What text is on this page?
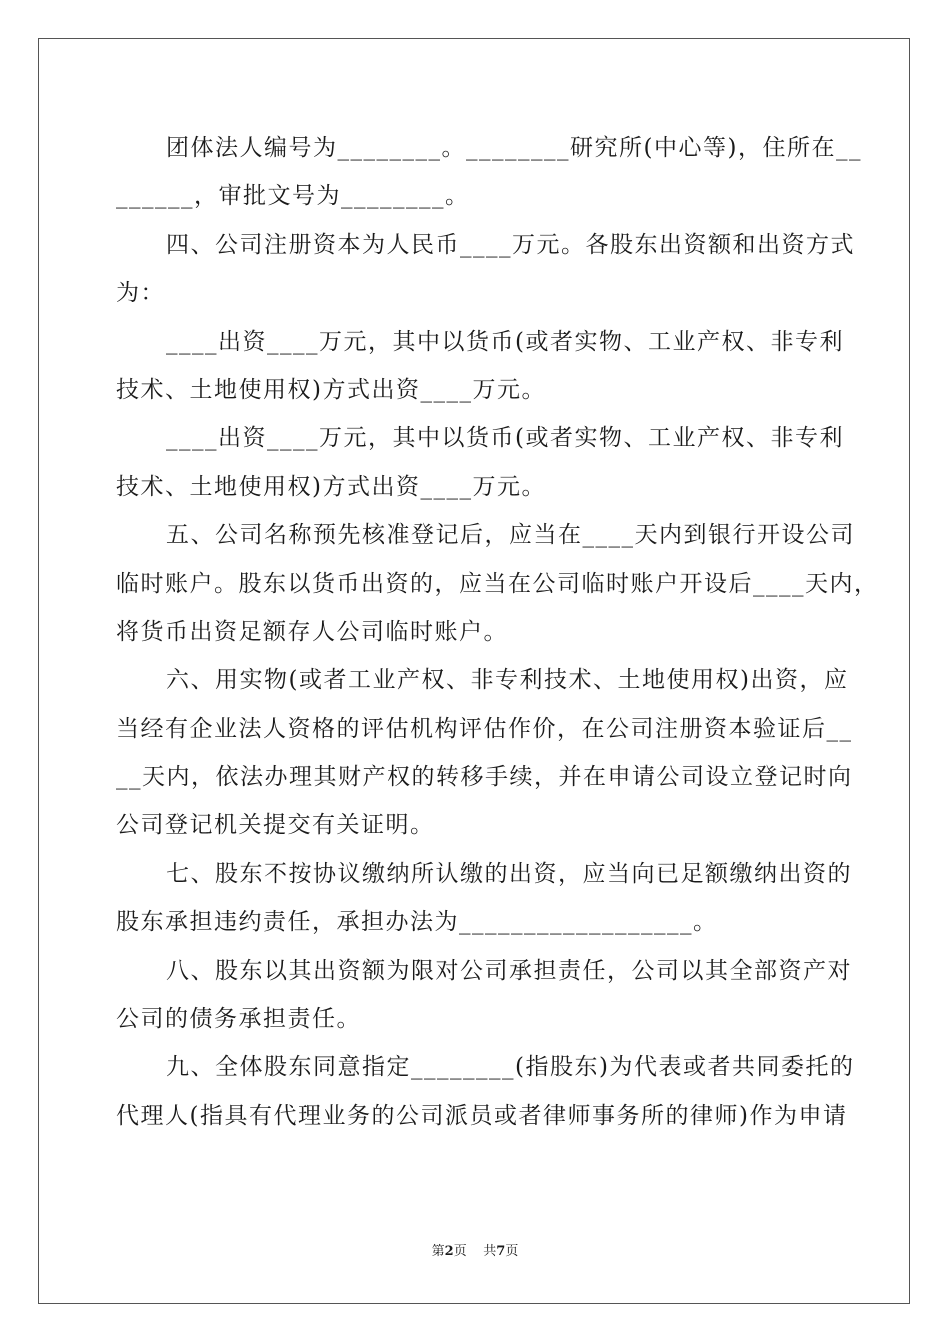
团体法人编号为________。________研究所(中心等)，住所在__
______，审批文号为________。
四、公司注册资本为人民币____万元。各股东出资额和出资方式
为：
____出资____万元，其中以货币(或者实物、工业产权、非专利
技术、土地使用权)方式出资____万元。
____出资____万元，其中以货币(或者实物、工业产权、非专利
技术、土地使用权)方式出资____万元。
五、公司名称预先核准登记后，应当在____天内到银行开设公司
临时账户。股东以货币出资的，应当在公司临时账户开设后____天内，
将货币出资足额存人公司临时账户。
六、用实物(或者工业产权、非专利技术、土地使用权)出资，应
当经有企业法人资格的评估机构评估作价，在公司注册资本验证后__
__天内，依法办理其财产权的转移手续，并在申请公司设立登记时向
公司登记机关提交有关证明。
七、股东不按协议缴纳所认缴的出资，应当向已足额缴纳出资的
股东承担违约责任，承担办法为__________________。
八、股东以其出资额为限对公司承担责任，公司以其全部资产对
公司的债务承担责任。
九、全体股东同意指定________(指股东)为代表或者共同委托的
代理人(指具有代理业务的公司派员或者律师事务所的律师)作为申请
第2页 共7页
